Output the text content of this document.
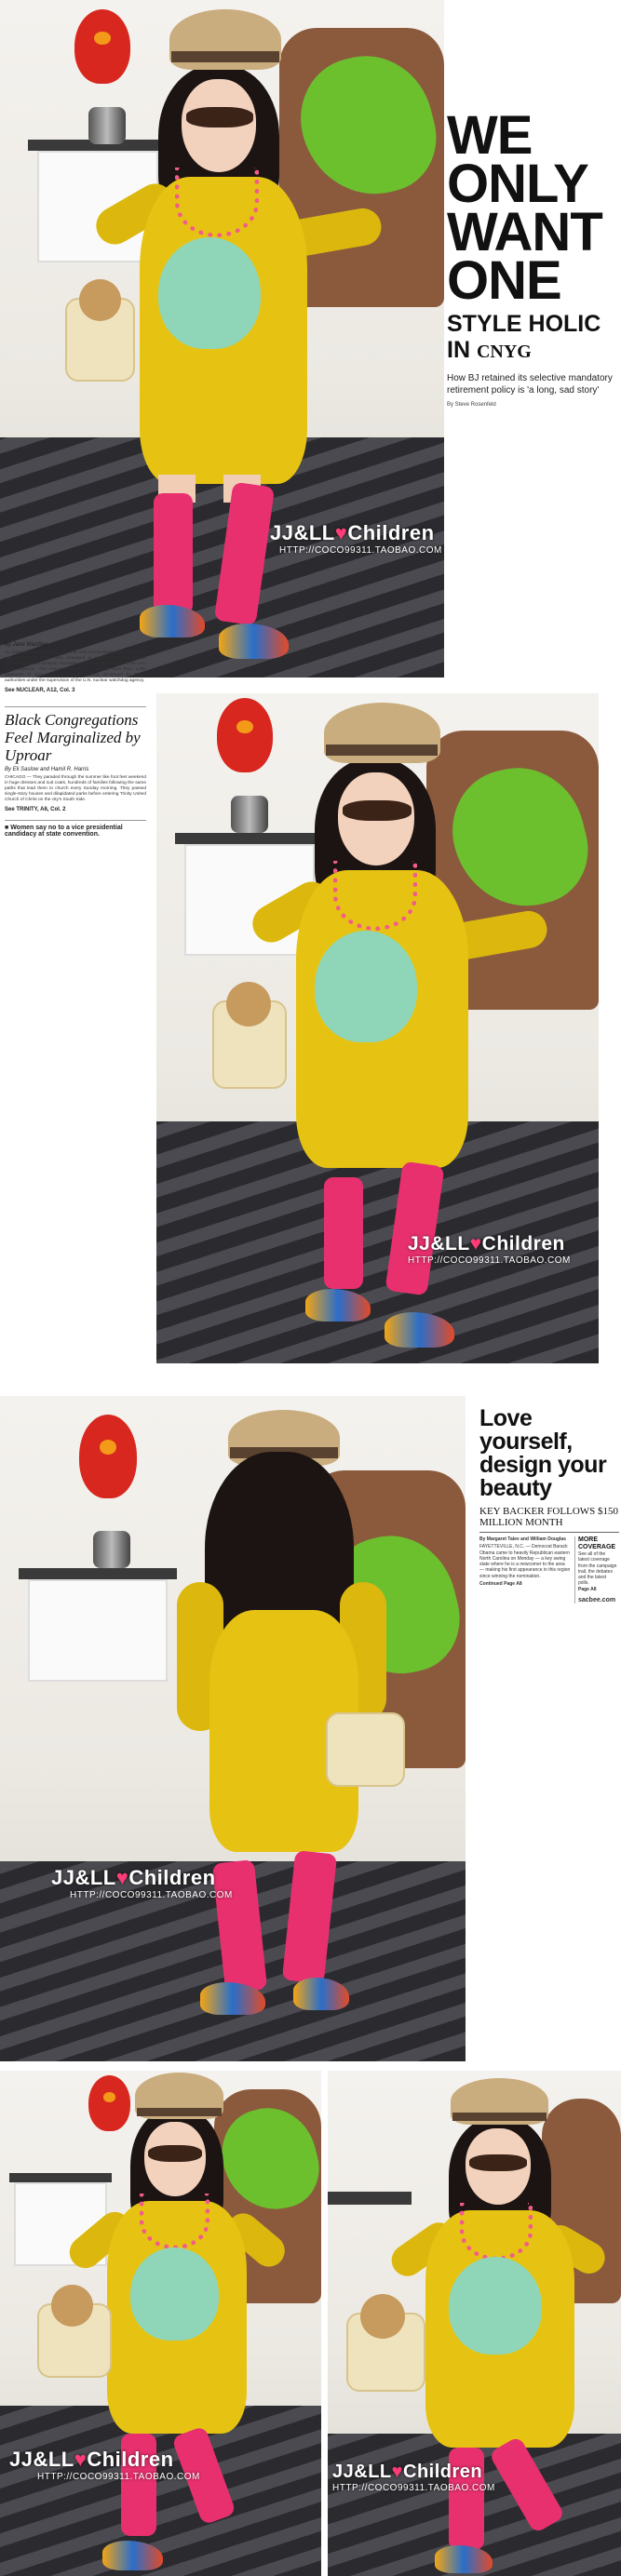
JJ&LL♥Children
HTTP://COCO99311.TAOBAO.COM
WE
ONLY
WANT
ONE
STYLE HOLIC
IN CNYG
How BJ retained its selective mandatory retirement policy is 'a long, sad story'
By Steve Rosenfeld
JJ&LL♥Children
HTTP://COCO99311.TAOBAO.COM
By Jane Wardlaw
An international smuggling ring that sold bomb-related parts to Libya, Iraq and North Korea also managed to export blueprints for an advanced nuclear weapon, according to a draft report by a former U.N. arms inspector. The computer records — among more than 1,000 gigabytes of data seized — were recently destroyed by Swiss authorities under the supervision of the U.N. nuclear watchdog agency.
See NUCLEAR, A12, Col. 3
Black Congregations Feel Marginalized by Uproar
By Eli Saslow and Hamil R. Harris
CHICAGO — They paraded through the summer like foot feet weekend in huge dresses and suit coats, hundreds of families following the same paths that lead them to church every Sunday morning. They passed single-story houses and dilapidated parks before entering Trinity United Church of Christ on the city's South Side.
See TRINITY, A6, Col. 2
■ Women say no to a vice presidential candidacy at state convention.
JJ&LL♥Children
HTTP://COCO99311.TAOBAO.COM
Love yourself, design your beauty
KEY BACKER FOLLOWS $150 MILLION MONTH
By Margaret Talev and William Douglas
FAYETTEVILLE, N.C. — Democrat Barack Obama came to heavily Republican eastern North Carolina on Monday — a key swing state where he is a newcomer to the area — making his first appearance in this region since winning the nomination.
Continued Page A8
MORE COVERAGE
See all of the latest coverage from the campaign trail, the debates and the latest polls.
Page A8
sacbee.com
JJ&LL♥Children
HTTP://COCO99311.TAOBAO.COM	JJ&LL♥Children
HTTP://COCO99311.TAOBAO.COM
